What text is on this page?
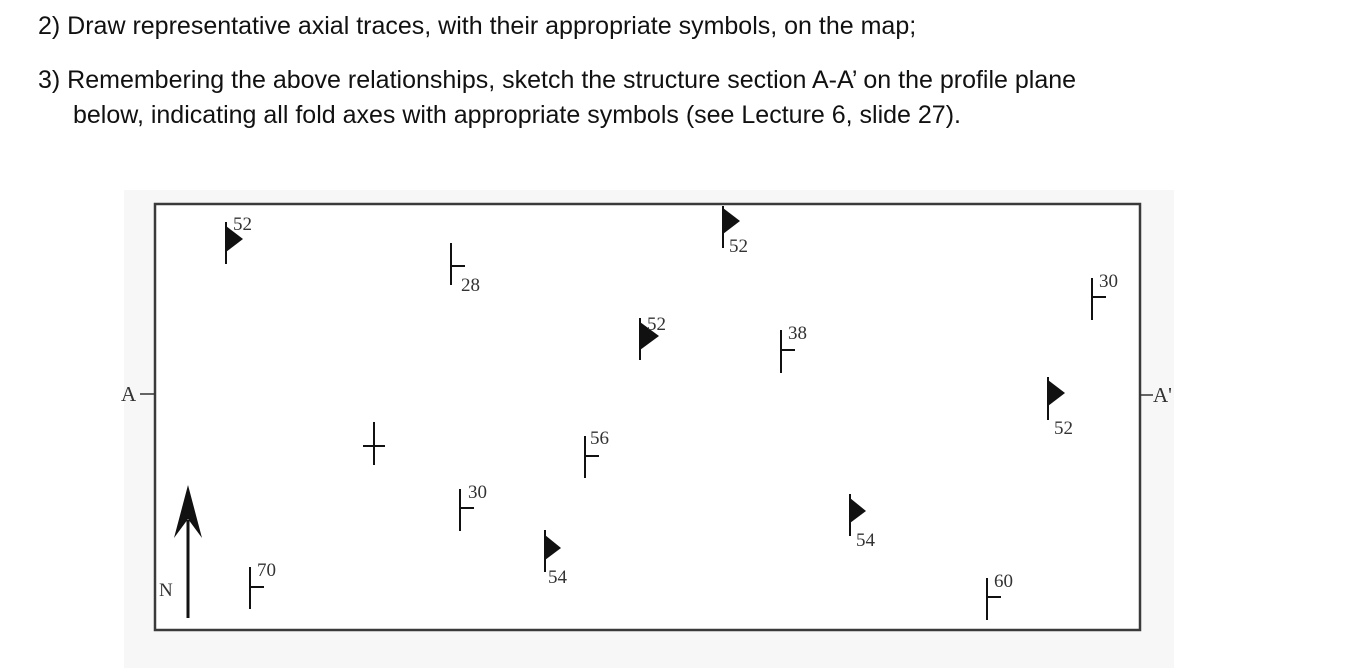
2) Draw representative axial traces, with their appropriate symbols, on the map;

3) Remembering the above relationships, sketch the structure section A-A’ on the profile plane

below, indicating all fold axes with appropriate symbols (see Lecture 6, slide 27).

A	A'
N
52
28
52
52	38
30
52
56
30
54
54
70
60
